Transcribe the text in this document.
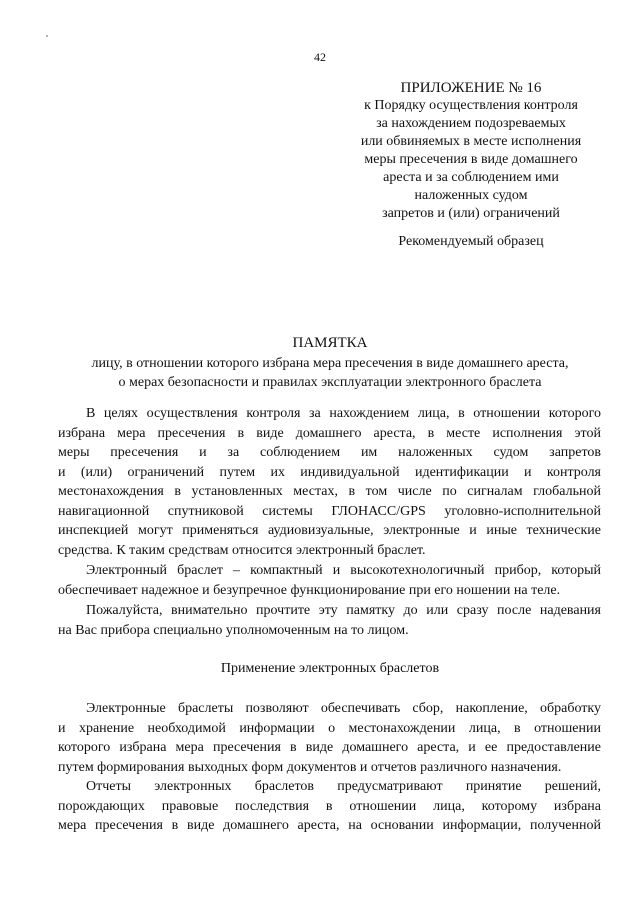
42
ПРИЛОЖЕНИЕ № 16
к Порядку осуществления контроля
за нахождением подозреваемых
или обвиняемых в месте исполнения
меры пресечения в виде домашнего
ареста и за соблюдением ими
наложенных судом
запретов и (или) ограничений
Рекомендуемый образец
ПАМЯТКА
лицу, в отношении которого избрана мера пресечения в виде домашнего ареста,
о мерах безопасности и правилах эксплуатации электронного браслета
В целях осуществления контроля за нахождением лица, в отношении которого
избрана мера пресечения в виде домашнего ареста, в месте исполнения этой
меры пресечения и за соблюдением им наложенных судом запретов
и (или) ограничений путем их индивидуальной идентификации и контроля
местонахождения в установленных местах, в том числе по сигналам глобальной
навигационной спутниковой системы ГЛОНАСС/GPS уголовно-исполнительной
инспекцией могут применяться аудиовизуальные, электронные и иные технические
средства. К таким средствам относится электронный браслет.
Электронный браслет – компактный и высокотехнологичный прибор, который
обеспечивает надежное и безупречное функционирование при его ношении на теле.
Пожалуйста, внимательно прочтите эту памятку до или сразу после надевания
на Вас прибора специально уполномоченным на то лицом.
Применение электронных браслетов
Электронные браслеты позволяют обеспечивать сбор, накопление, обработку
и хранение необходимой информации о местонахождении лица, в отношении
которого избрана мера пресечения в виде домашнего ареста, и ее предоставление
путем формирования выходных форм документов и отчетов различного назначения.
Отчеты электронных браслетов предусматривают принятие решений,
порождающих правовые последствия в отношении лица, которому избрана
мера пресечения в виде домашнего ареста, на основании информации, полученной
